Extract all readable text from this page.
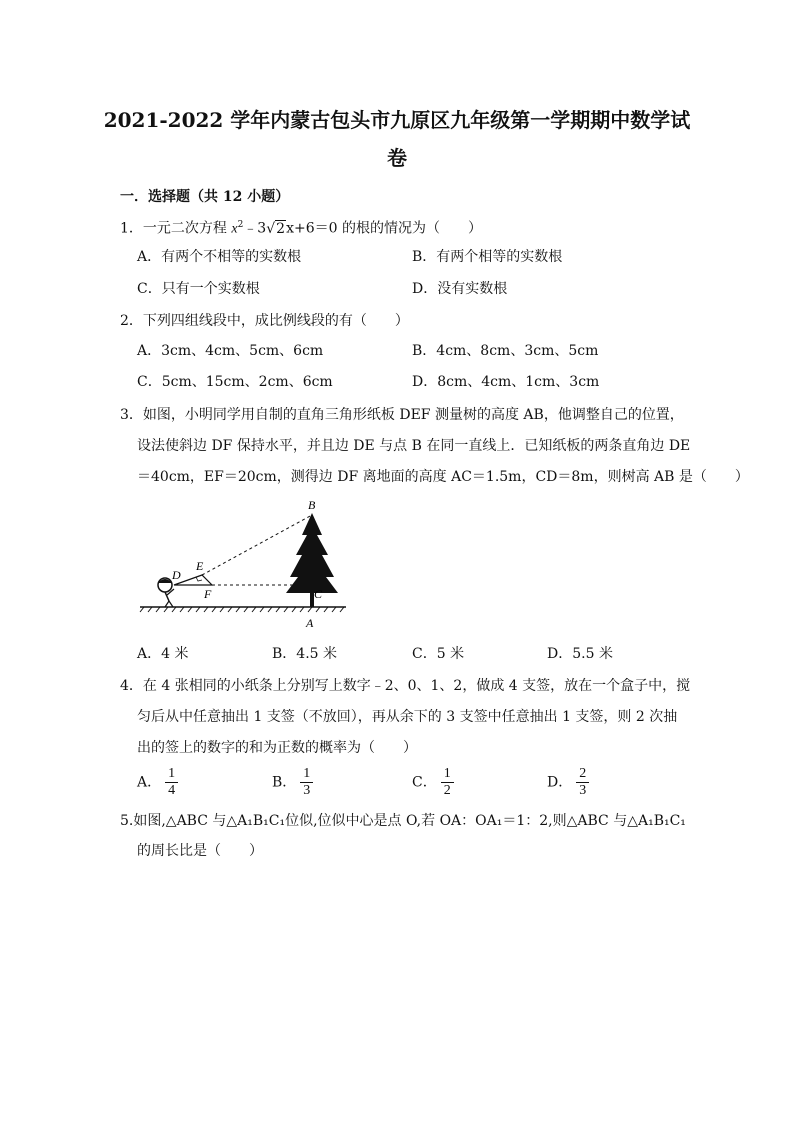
2021-2022 学年内蒙古包头市九原区九年级第一学期期中数学试
卷
一．选择题（共 12 小题）
1．一元二次方程 $x^2﹣3√2x+6=0$ 的根的情况为（　　）
A．有两个不相等的实数根	B．有两个相等的实数根
C．只有一个实数根	D．没有实数根
2．下列四组线段中，成比例线段的有（　　）
A．3cm、4cm、5cm、6cm	B．4cm、8cm、3cm、5cm
C．5cm、15cm、2cm、6cm	D．8cm、4cm、1cm、3cm
3．如图，小明同学用自制的直角三角形纸板 DEF 测量树的高度 AB，他调整自己的位置，
设法使斜边 DF 保持水平，并且边 DE 与点 B 在同一直线上．已知纸板的两条直角边 DE
＝40cm，EF＝20cm，测得边 DF 离地面的高度 AC＝1.5m，CD＝8m，则树高 AB 是（　　）
B
E
D
F	C
A
A．4 米	B．4.5 米	C．5 米	D．5.5 米
4．在 4 张相同的小纸条上分别写上数字﹣2、0、1、2，做成 4 支签，放在一个盒子中，搅
匀后从中任意抽出 1 支签（不放回），再从余下的 3 支签中任意抽出 1 支签，则 2 次抽
出的签上的数字的和为正数的概率为（　　）
A． $\frac{1}{4}$	B． $\frac{1}{3}$	C． $\frac{1}{2}$	D． $\frac{2}{3}$
5.如图,△ABC 与△A₁B₁C₁位似,位似中心是点 O,若 OA：OA₁＝1：2,则△ABC 与△A₁B₁C₁
的周长比是（　　）
